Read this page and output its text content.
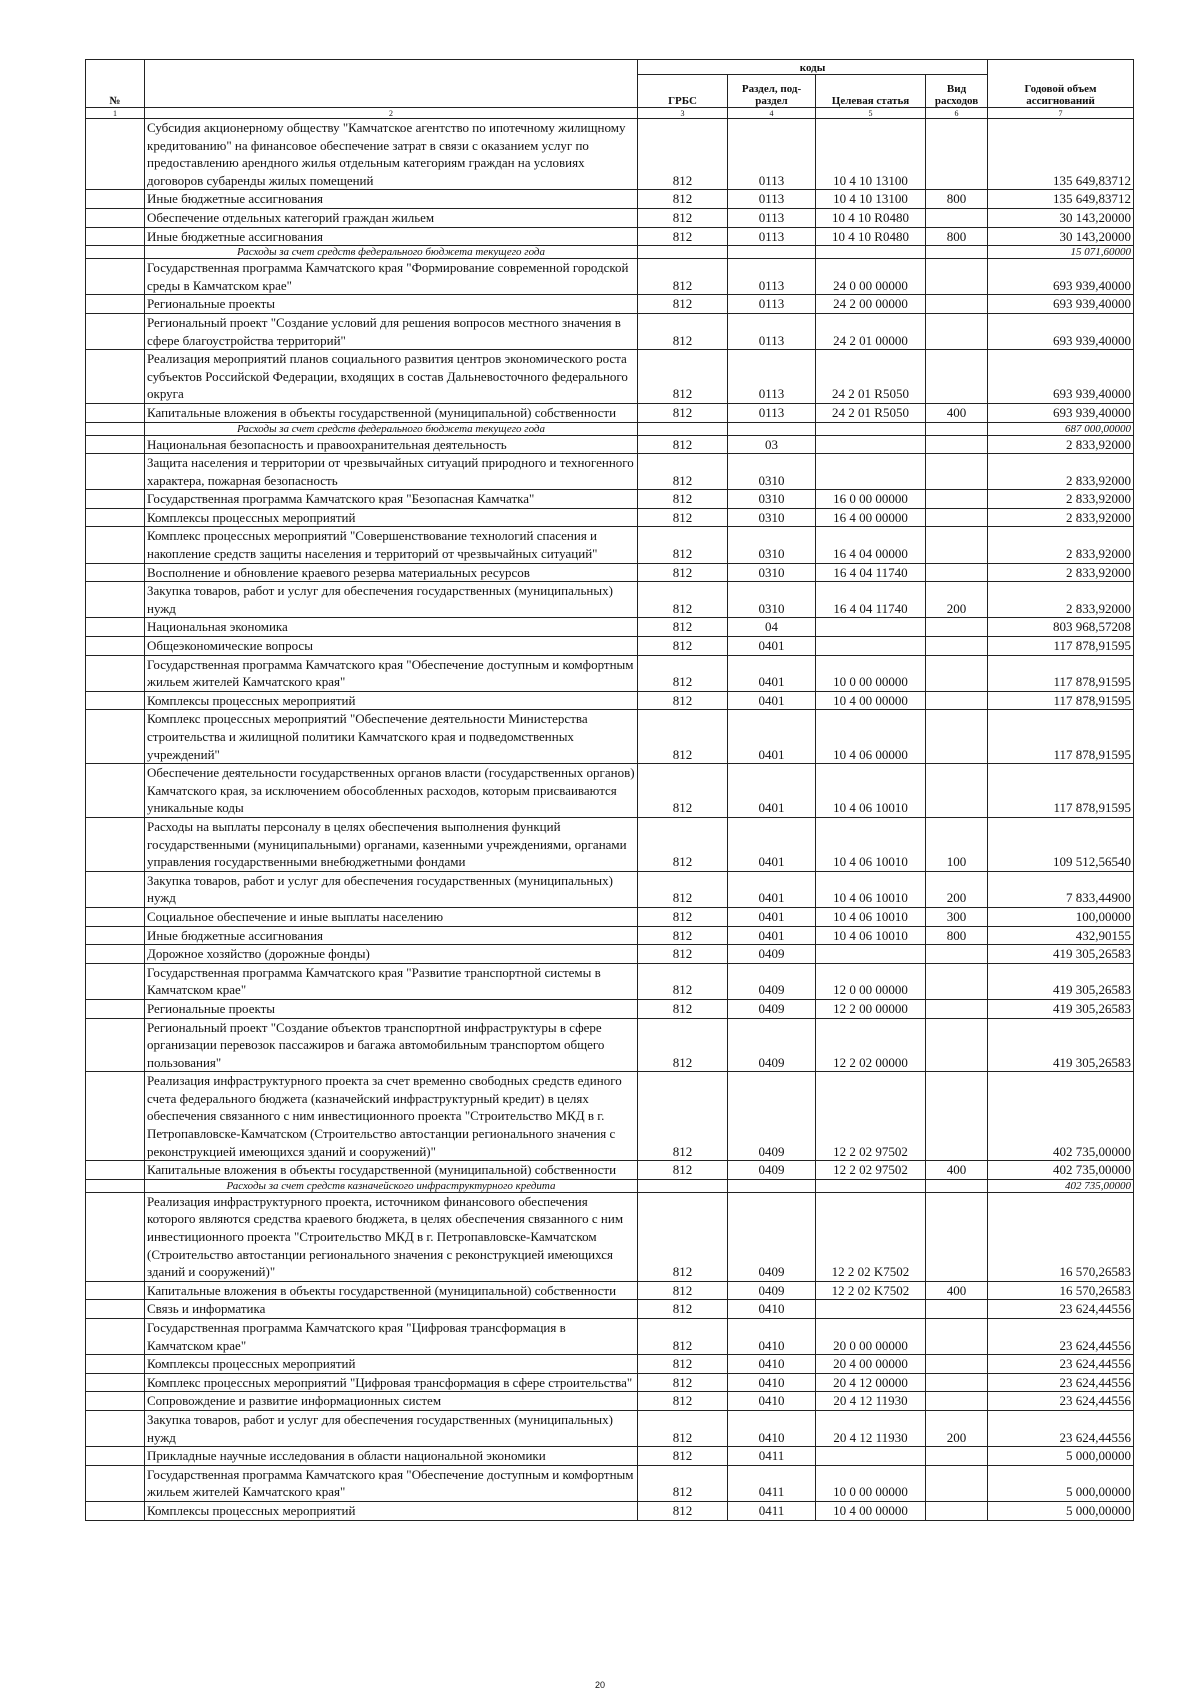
№		коды				Годовой объем ассигнований
		ГРБС	Раздел, под- раздел	Целевая статья	Вид расходов	
1	2	3	4	5	6	7
	Субсидия акционерному обществу "Камчатское агентство по ипотечному жилищному кредитованию" на финансовое обеспечение затрат в связи с оказанием услуг по предоставлению арендного жилья отдельным категориям граждан на условиях договоров субаренды жилых помещений	812	0113	10 4 10 13100		135 649,83712
	Иные бюджетные ассигнования	812	0113	10 4 10 13100	800	135 649,83712
	Обеспечение отдельных категорий граждан жильем	812	0113	10 4 10 R0480		30 143,20000
	Иные бюджетные ассигнования	812	0113	10 4 10 R0480	800	30 143,20000
	Расходы за счет средств федерального бюджета текущего года					15 071,60000
	Государственная программа Камчатского края "Формирование современной городской среды в Камчатском крае"	812	0113	24 0 00 00000		693 939,40000
	Региональные проекты	812	0113	24 2 00 00000		693 939,40000
	Региональный проект "Создание условий для решения вопросов местного значения в сфере благоустройства территорий"	812	0113	24 2 01 00000		693 939,40000
	Реализация мероприятий планов социального развития центров экономического роста субъектов Российской Федерации, входящих в состав Дальневосточного федерального округа	812	0113	24 2 01 R5050		693 939,40000
	Капитальные вложения в объекты государственной (муниципальной) собственности	812	0113	24 2 01 R5050	400	693 939,40000
	Расходы за счет средств федерального бюджета текущего года					687 000,00000
	Национальная безопасность и правоохранительная деятельность	812	03			2 833,92000
	Защита населения и территории от чрезвычайных ситуаций природного и техногенного характера, пожарная безопасность	812	0310			2 833,92000
	Государственная программа Камчатского края "Безопасная Камчатка"	812	0310	16 0 00 00000		2 833,92000
	Комплексы процессных мероприятий	812	0310	16 4 00 00000		2 833,92000
	Комплекс процессных мероприятий "Совершенствование технологий спасения и накопление средств защиты населения и территорий от чрезвычайных ситуаций"	812	0310	16 4 04 00000		2 833,92000
	Восполнение и обновление краевого резерва материальных ресурсов	812	0310	16 4 04 11740		2 833,92000
	Закупка товаров, работ и услуг для обеспечения государственных (муниципальных) нужд	812	0310	16 4 04 11740	200	2 833,92000
	Национальная экономика	812	04			803 968,57208
	Общеэкономические вопросы	812	0401			117 878,91595
	Государственная программа Камчатского края "Обеспечение доступным и комфортным жильем жителей Камчатского края"	812	0401	10 0 00 00000		117 878,91595
	Комплексы процессных мероприятий	812	0401	10 4 00 00000		117 878,91595
	Комплекс процессных мероприятий "Обеспечение деятельности Министерства строительства и жилищной политики Камчатского края и подведомственных учреждений"	812	0401	10 4 06 00000		117 878,91595
	Обеспечение деятельности государственных органов власти (государственных органов) Камчатского края, за исключением обособленных расходов, которым присваиваются уникальные коды	812	0401	10 4 06 10010		117 878,91595
	Расходы на выплаты персоналу в целях обеспечения выполнения функций государственными (муниципальными) органами, казенными учреждениями, органами управления государственными внебюджетными фондами	812	0401	10 4 06 10010	100	109 512,56540
	Закупка товаров, работ и услуг для обеспечения государственных (муниципальных) нужд	812	0401	10 4 06 10010	200	7 833,44900
	Социальное обеспечение и иные выплаты населению	812	0401	10 4 06 10010	300	100,00000
	Иные бюджетные ассигнования	812	0401	10 4 06 10010	800	432,90155
	Дорожное хозяйство (дорожные фонды)	812	0409			419 305,26583
	Государственная программа Камчатского края "Развитие транспортной системы в Камчатском крае"	812	0409	12 0 00 00000		419 305,26583
	Региональные проекты	812	0409	12 2 00 00000		419 305,26583
	Региональный проект "Создание объектов транспортной инфраструктуры в сфере организации перевозок пассажиров и багажа автомобильным транспортом общего пользования"	812	0409	12 2 02 00000		419 305,26583
	Реализация инфраструктурного проекта за счет временно свободных средств единого счета федерального бюджета (казначейский инфраструктурный кредит) в целях обеспечения связанного с ним инвестиционного проекта "Строительство МКД в г. Петропавловске-Камчатском (Строительство автостанции регионального значения с реконструкцией имеющихся зданий и сооружений)"	812	0409	12 2 02 97502		402 735,00000
	Капитальные вложения в объекты государственной (муниципальной) собственности	812	0409	12 2 02 97502	400	402 735,00000
	Расходы за счет средств казначейского инфраструктурного кредита					402 735,00000
	Реализация инфраструктурного проекта, источником финансового обеспечения которого являются средства краевого бюджета, в целях обеспечения связанного с ним инвестиционного проекта "Строительство МКД в г. Петропавловске-Камчатском (Строительство автостанции регионального значения с реконструкцией имеющихся зданий и сооружений)"	812	0409	12 2 02 K7502		16 570,26583
	Капитальные вложения в объекты государственной (муниципальной) собственности	812	0409	12 2 02 K7502	400	16 570,26583
	Связь и информатика	812	0410			23 624,44556
	Государственная программа Камчатского края "Цифровая трансформация в Камчатском крае"	812	0410	20 0 00 00000		23 624,44556
	Комплексы процессных мероприятий	812	0410	20 4 00 00000		23 624,44556
	Комплекс процессных мероприятий "Цифровая трансформация в сфере строительства"	812	0410	20 4 12 00000		23 624,44556
	Сопровождение и развитие информационных систем	812	0410	20 4 12 11930		23 624,44556
	Закупка товаров, работ и услуг для обеспечения государственных (муниципальных) нужд	812	0410	20 4 12 11930	200	23 624,44556
	Прикладные научные исследования в области национальной экономики	812	0411			5 000,00000
	Государственная программа Камчатского края "Обеспечение доступным и комфортным жильем жителей Камчатского края"	812	0411	10 0 00 00000		5 000,00000
	Комплексы процессных мероприятий	812	0411	10 4 00 00000		5 000,00000
20
